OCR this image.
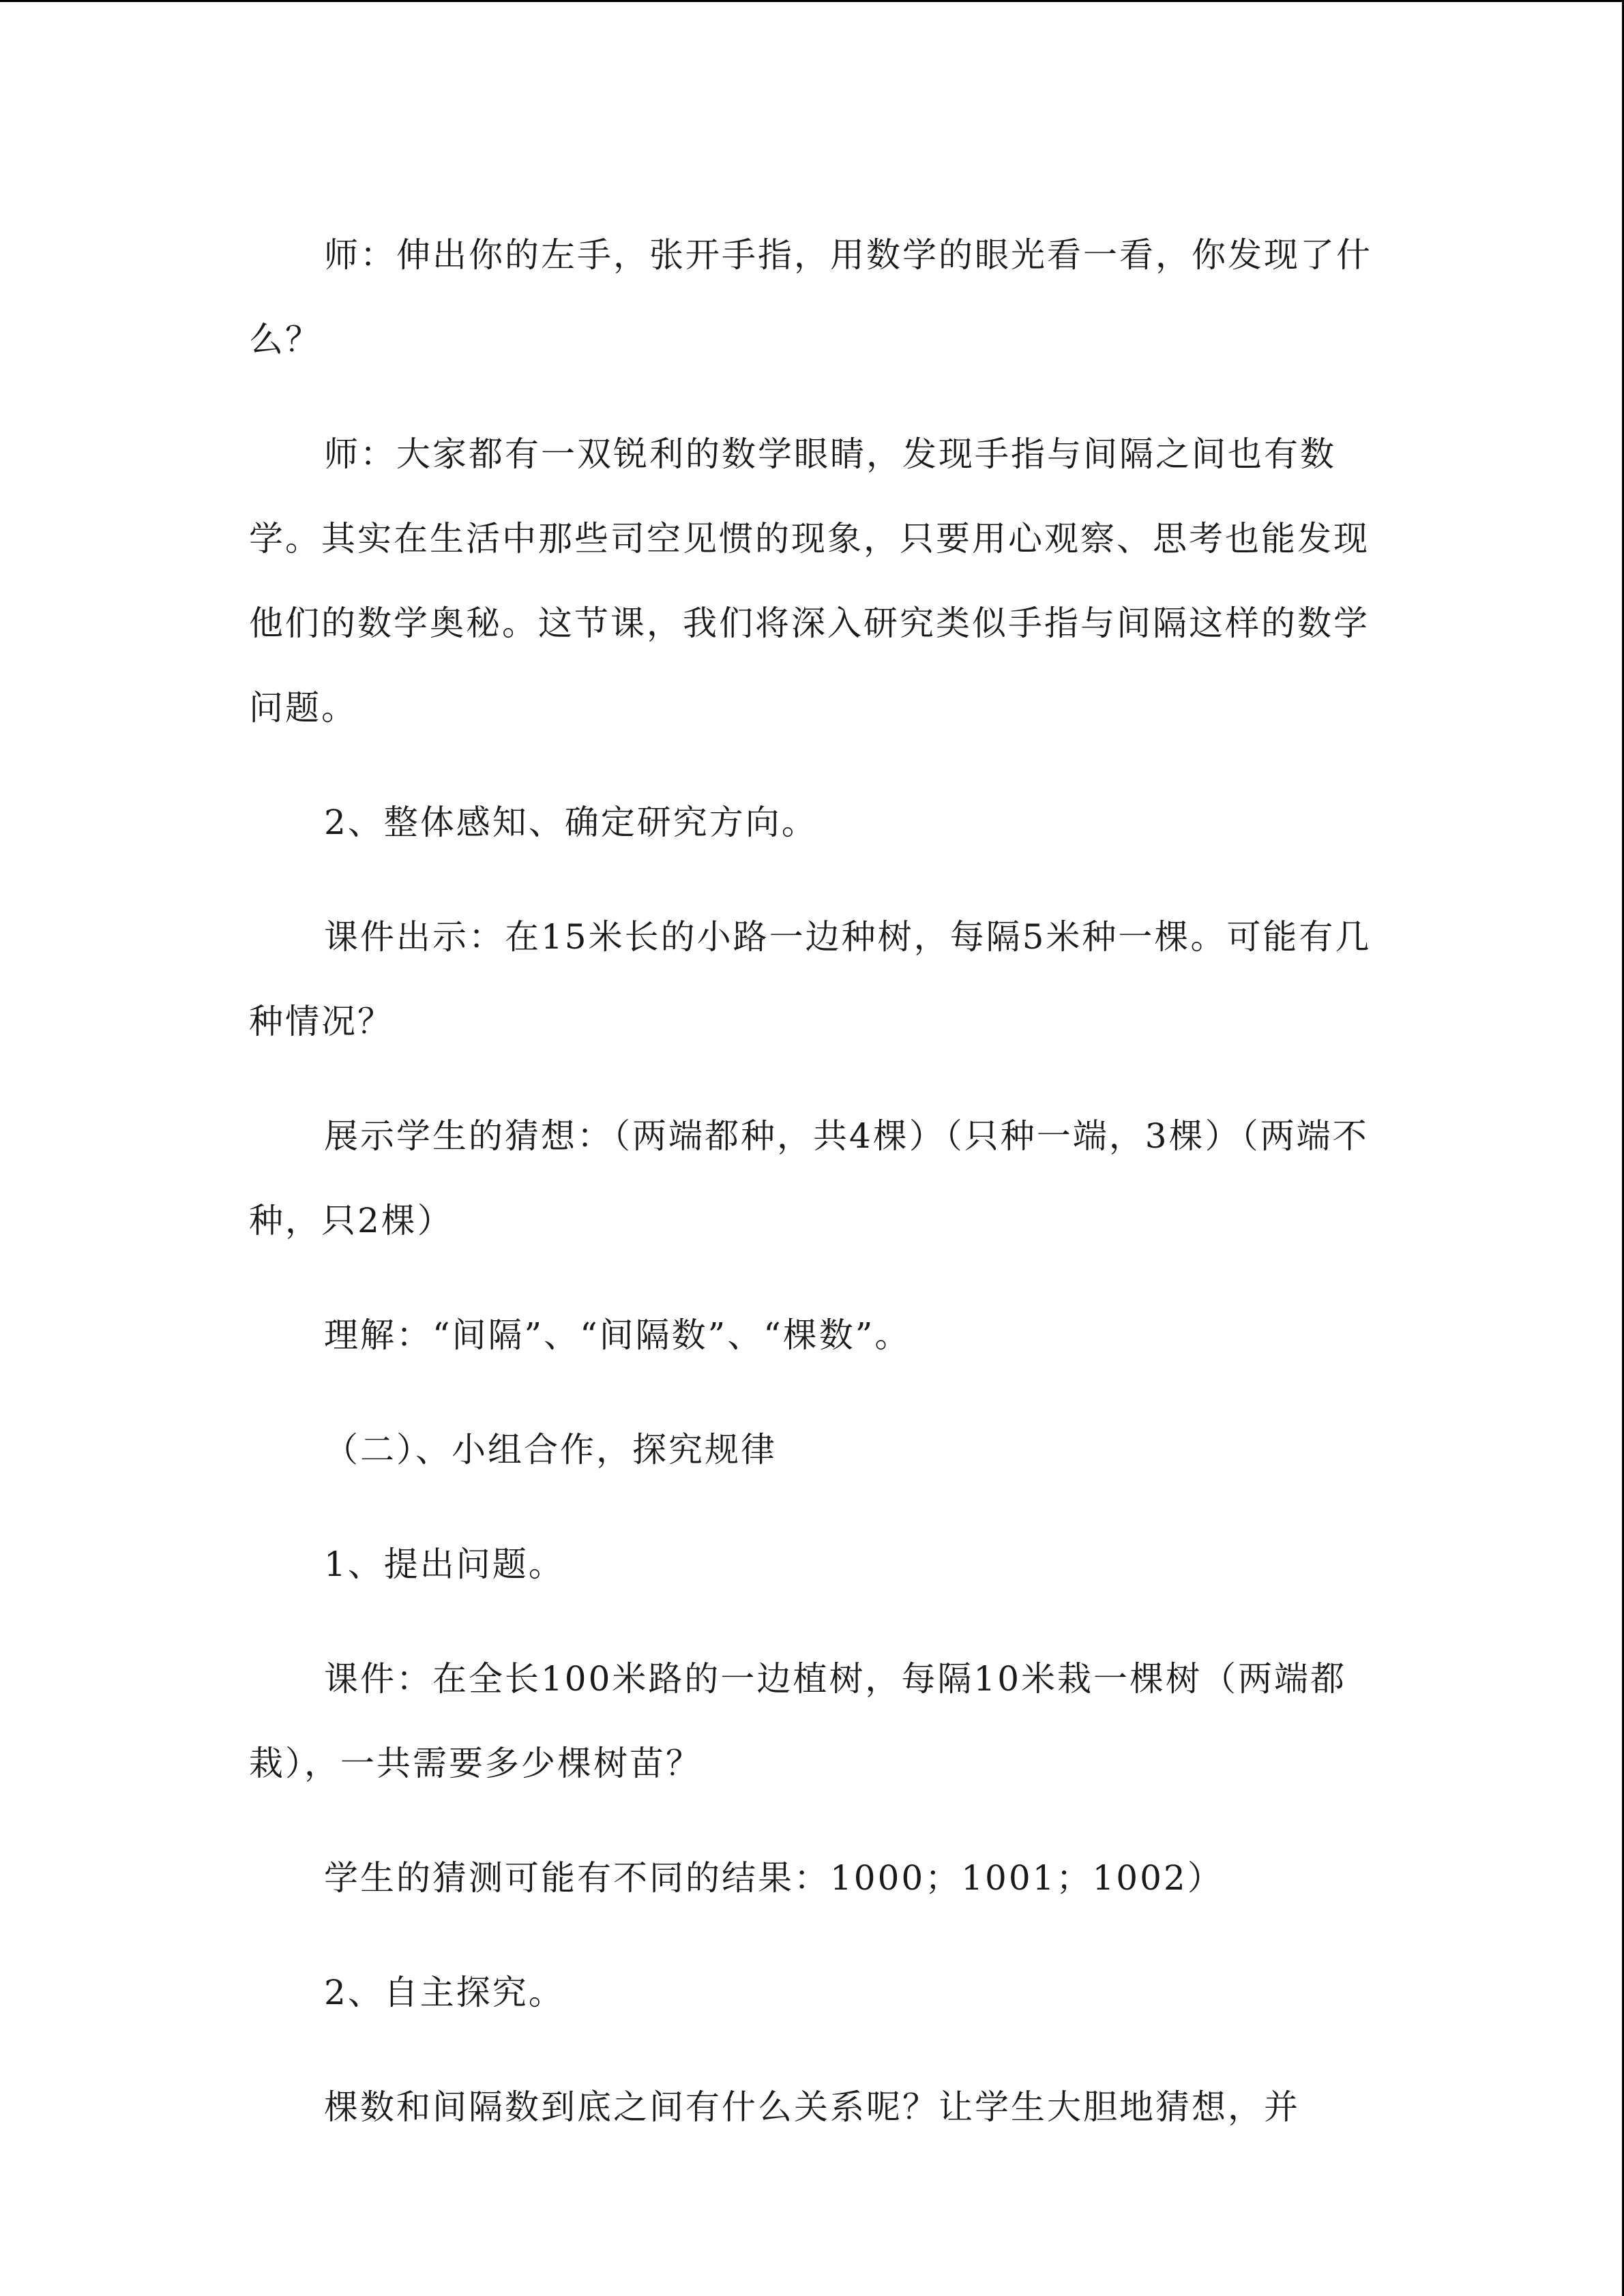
师：伸出你的左手，张开手指，用数学的眼光看一看，你发现了什么？

师：大家都有一双锐利的数学眼睛，发现手指与间隔之间也有数学。其实在生活中那些司空见惯的现象，只要用心观察、思考也能发现他们的数学奥秘。这节课，我们将深入研究类似手指与间隔这样的数学问题。

2、整体感知、确定研究方向。

课件出示：在15米长的小路一边种树，每隔5米种一棵。可能有几种情况？

展示学生的猜想：（两端都种，共4棵）（只种一端，3棵）（两端不种，只2棵）

理解：“间隔”、“间隔数”、“棵数”。

（二）、小组合作，探究规律

1、提出问题。

课件：在全长100米路的一边植树，每隔10米栽一棵树（两端都栽），一共需要多少棵树苗？

学生的猜测可能有不同的结果：1000；1001；1002）

2、自主探究。

棵数和间隔数到底之间有什么关系呢？让学生大胆地猜想，并
